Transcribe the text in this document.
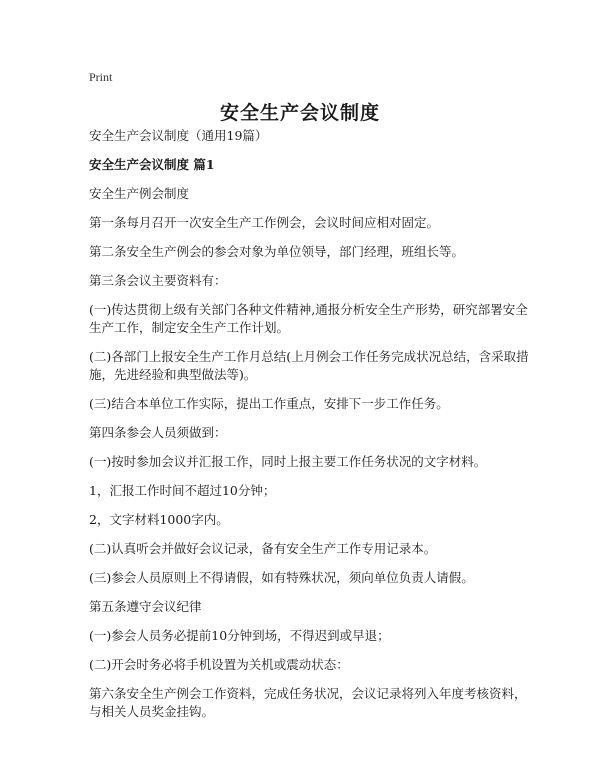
Print
安全生产会议制度

安全生产会议制度（通用19篇）

安全生产会议制度 篇1

安全生产例会制度

第一条每月召开一次安全生产工作例会，会议时间应相对固定。

第二条安全生产例会的参会对象为单位领导，部门经理，班组长等。

第三条会议主要资料有：

(一)传达贯彻上级有关部门各种文件精神,通报分析安全生产形势，研究部署安全生产工作，制定安全生产工作计划。

(二)各部门上报安全生产工作月总结(上月例会工作任务完成状况总结，含采取措施，先进经验和典型做法等)。

(三)结合本单位工作实际，提出工作重点，安排下一步工作任务。

第四条参会人员须做到：

(一)按时参加会议并汇报工作，同时上报主要工作任务状况的文字材料。

1，汇报工作时间不超过10分钟；

2，文字材料1000字内。

(二)认真听会并做好会议记录，备有安全生产工作专用记录本。

(三)参会人员原则上不得请假，如有特殊状况，须向单位负责人请假。

第五条遵守会议纪律

(一)参会人员务必提前10分钟到场，不得迟到或早退；

(二)开会时务必将手机设置为关机或震动状态：

第六条安全生产例会工作资料，完成任务状况，会议记录将列入年度考核资料，与相关人员奖金挂钩。
